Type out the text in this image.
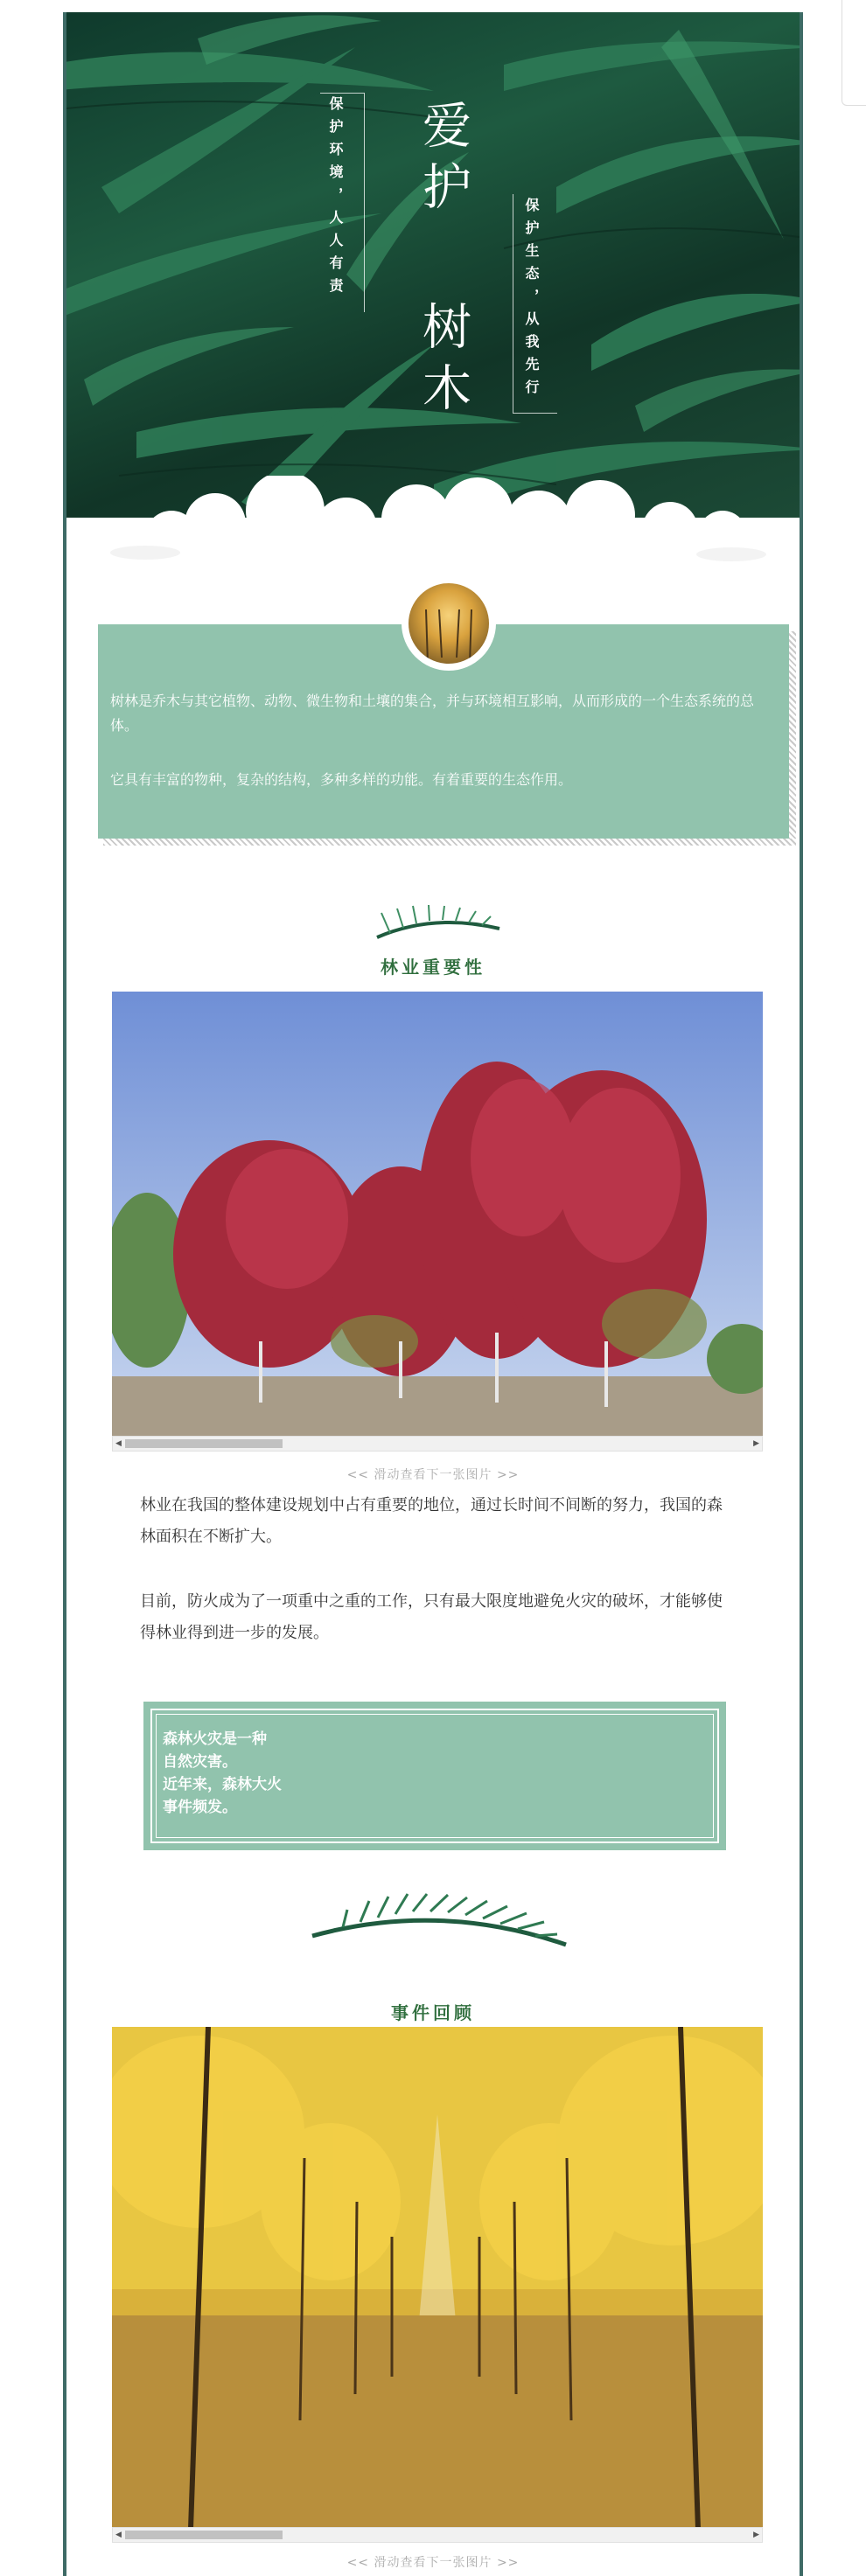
保护环境，人人有责 爱护
树木	保护生态，从我先行

树林是乔木与其它植物、动物、微生物和土壤的集合，并与环境相互影响，从而形成的一个生态系统的总体。

它具有丰富的物种，复杂的结构，多种多样的功能。有着重要的生态作用。

林业重要性
◀	▶
<< 滑动查看下一张图片 >>

林业在我国的整体建设规划中占有重要的地位，通过长时间不间断的努力，我国的森林面积在不断扩大。

目前，防火成为了一项重中之重的工作，只有最大限度地避免火灾的破坏，才能够使得林业得到进一步的发展。

森林火灾是一种
自然灾害。
近年来，森林大火
事件频发。

事件回顾
◀	▶
<< 滑动查看下一张图片 >>
